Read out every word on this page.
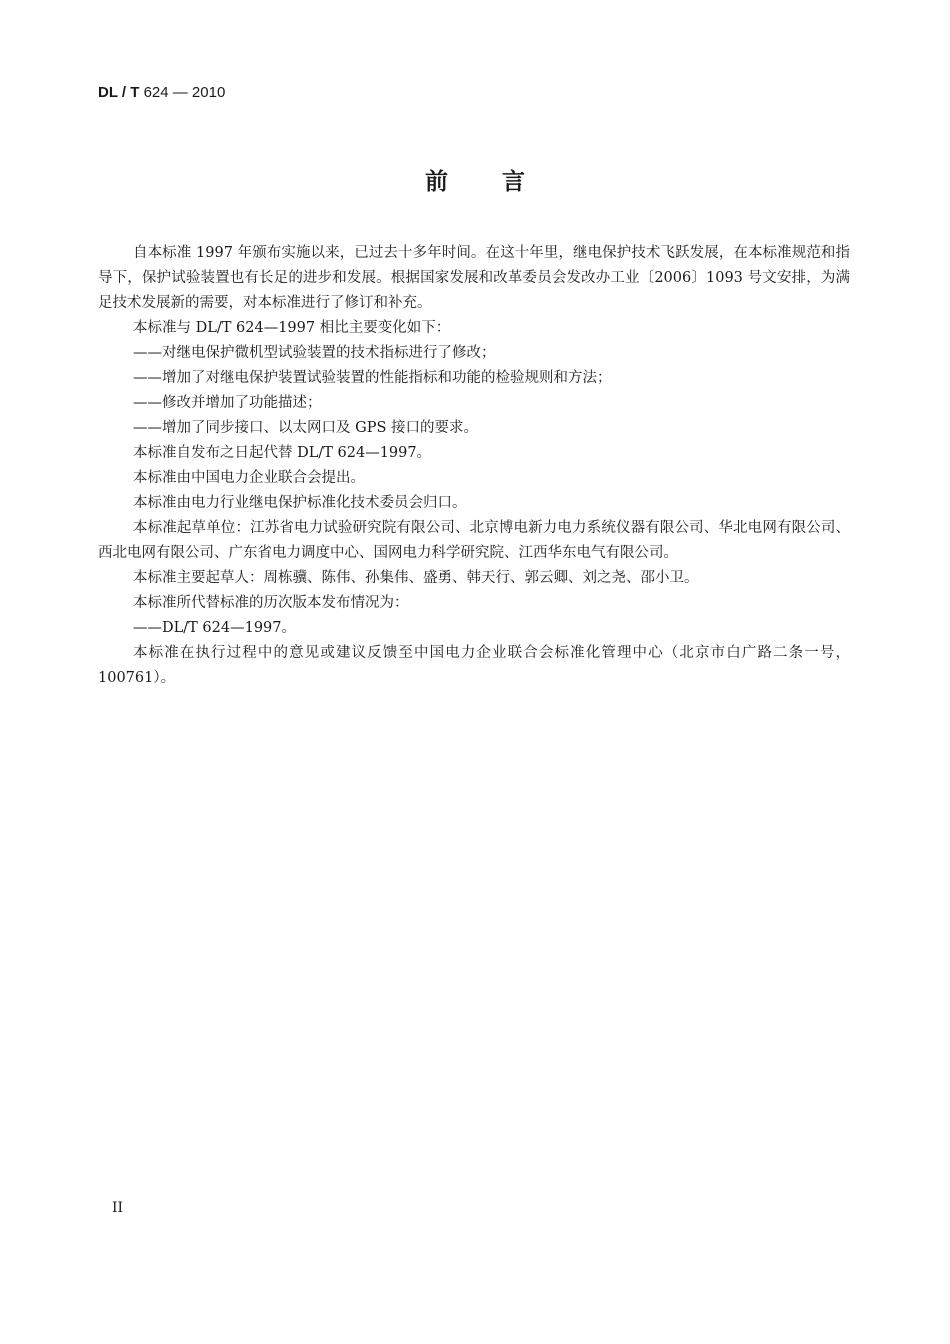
DL / T 624 — 2010
前言

自本标准 1997 年颁布实施以来，已过去十多年时间。在这十年里，继电保护技术飞跃发展，在本标准规范和指导下，保护试验装置也有长足的进步和发展。根据国家发展和改革委员会发改办工业〔2006〕1093 号文安排，为满足技术发展新的需要，对本标准进行了修订和补充。

本标准与 DL/T 624—1997 相比主要变化如下：

——对继电保护微机型试验装置的技术指标进行了修改；

——增加了对继电保护装置试验装置的性能指标和功能的检验规则和方法；

——修改并增加了功能描述；

——增加了同步接口、以太网口及 GPS 接口的要求。

本标准自发布之日起代替 DL/T 624—1997。

本标准由中国电力企业联合会提出。

本标准由电力行业继电保护标准化技术委员会归口。

本标准起草单位：江苏省电力试验研究院有限公司、北京博电新力电力系统仪器有限公司、华北电网有限公司、西北电网有限公司、广东省电力调度中心、国网电力科学研究院、江西华东电气有限公司。

本标准主要起草人：周栋骥、陈伟、孙集伟、盛勇、韩天行、郭云卿、刘之尧、邵小卫。

本标准所代替标准的历次版本发布情况为：

——DL/T 624—1997。

本标准在执行过程中的意见或建议反馈至中国电力企业联合会标准化管理中心（北京市白广路二条一号，100761）。

II
